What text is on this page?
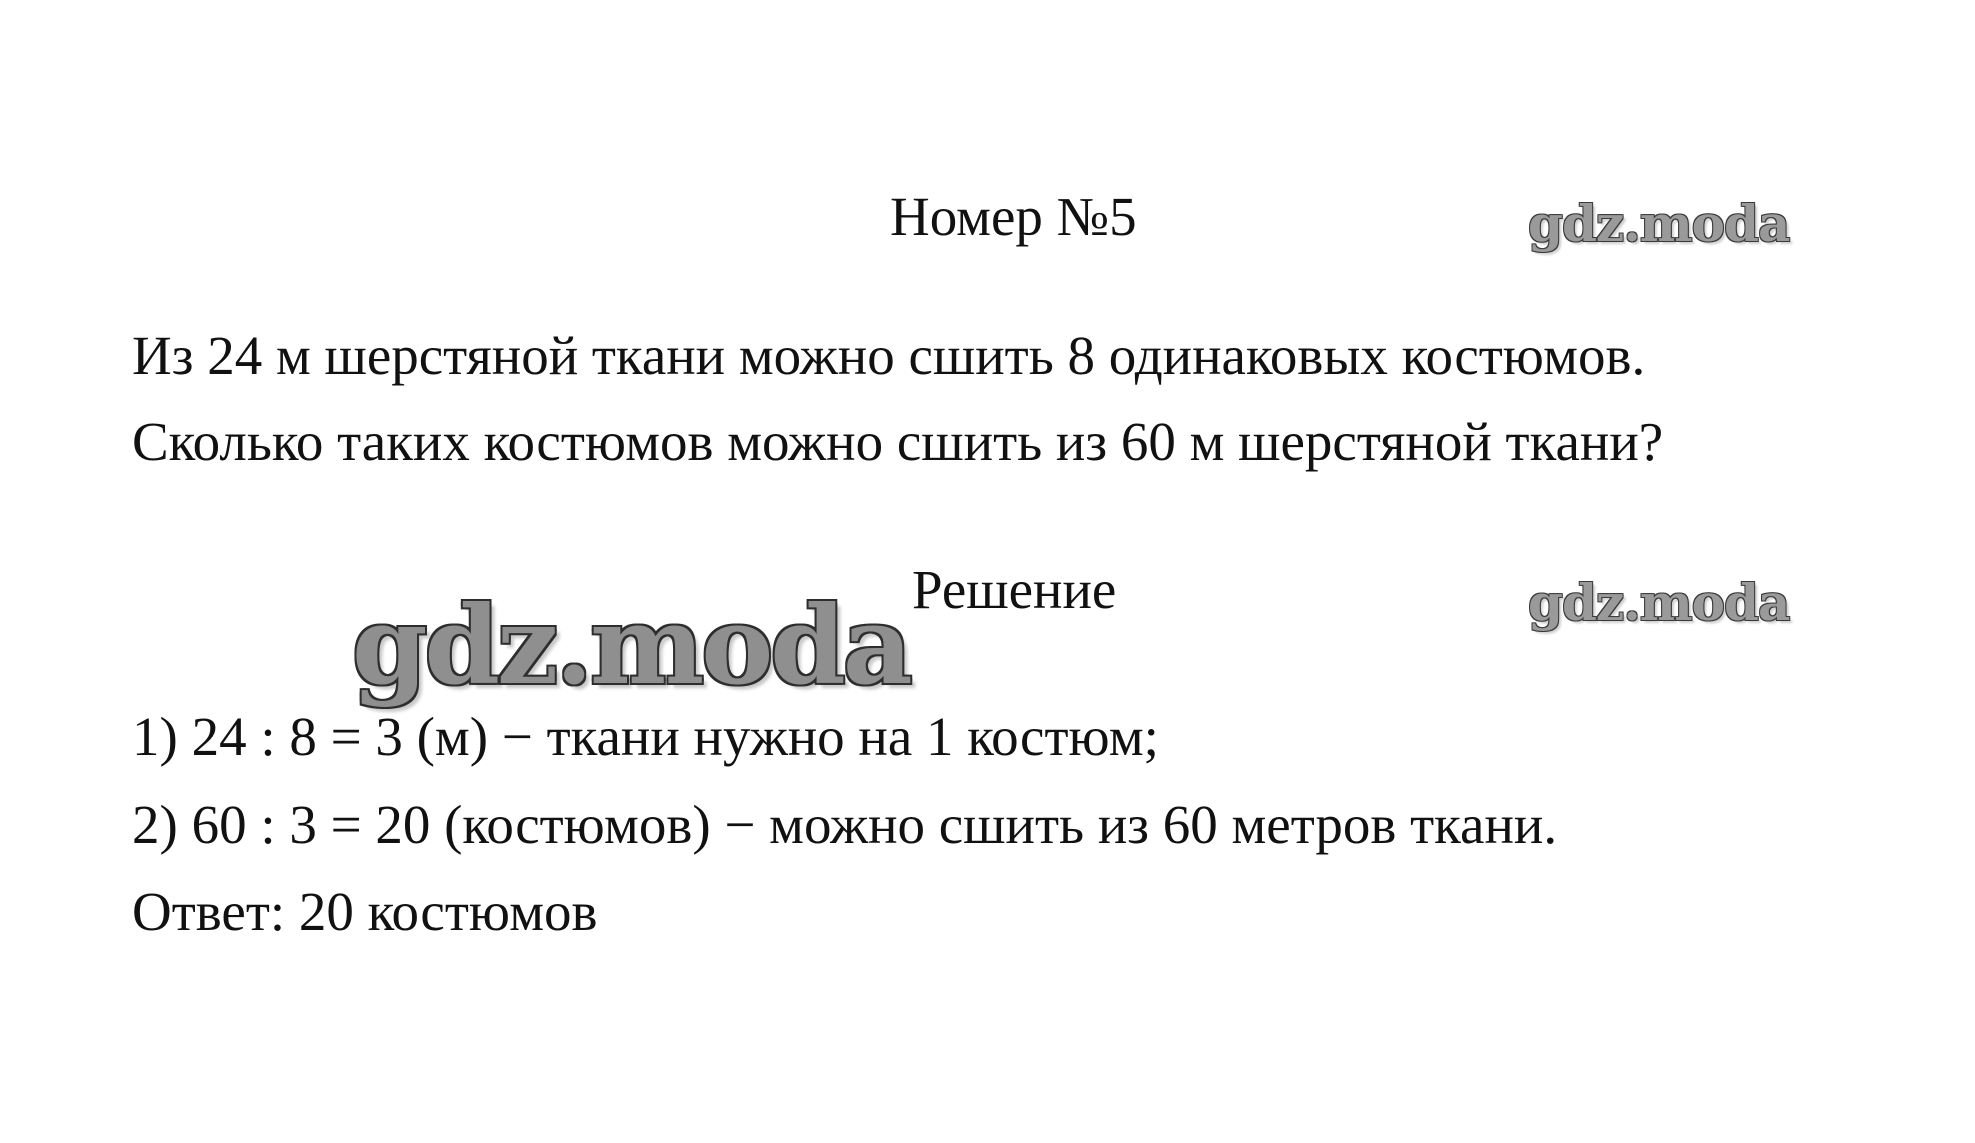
Номер №5	gdz.moda

Из 24 м шерстяной ткани можно сшить 8 одинаковых костюмов.

Сколько таких костюмов можно сшить из 60 м шерстяной ткани?

Решение	gdz.moda
gdz.moda

1) 24 : 8 = 3 (м) − ткани нужно на 1 костюм;

2) 60 : 3 = 20 (костюмов) − можно сшить из 60 метров ткани.

Ответ: 20 костюмов
